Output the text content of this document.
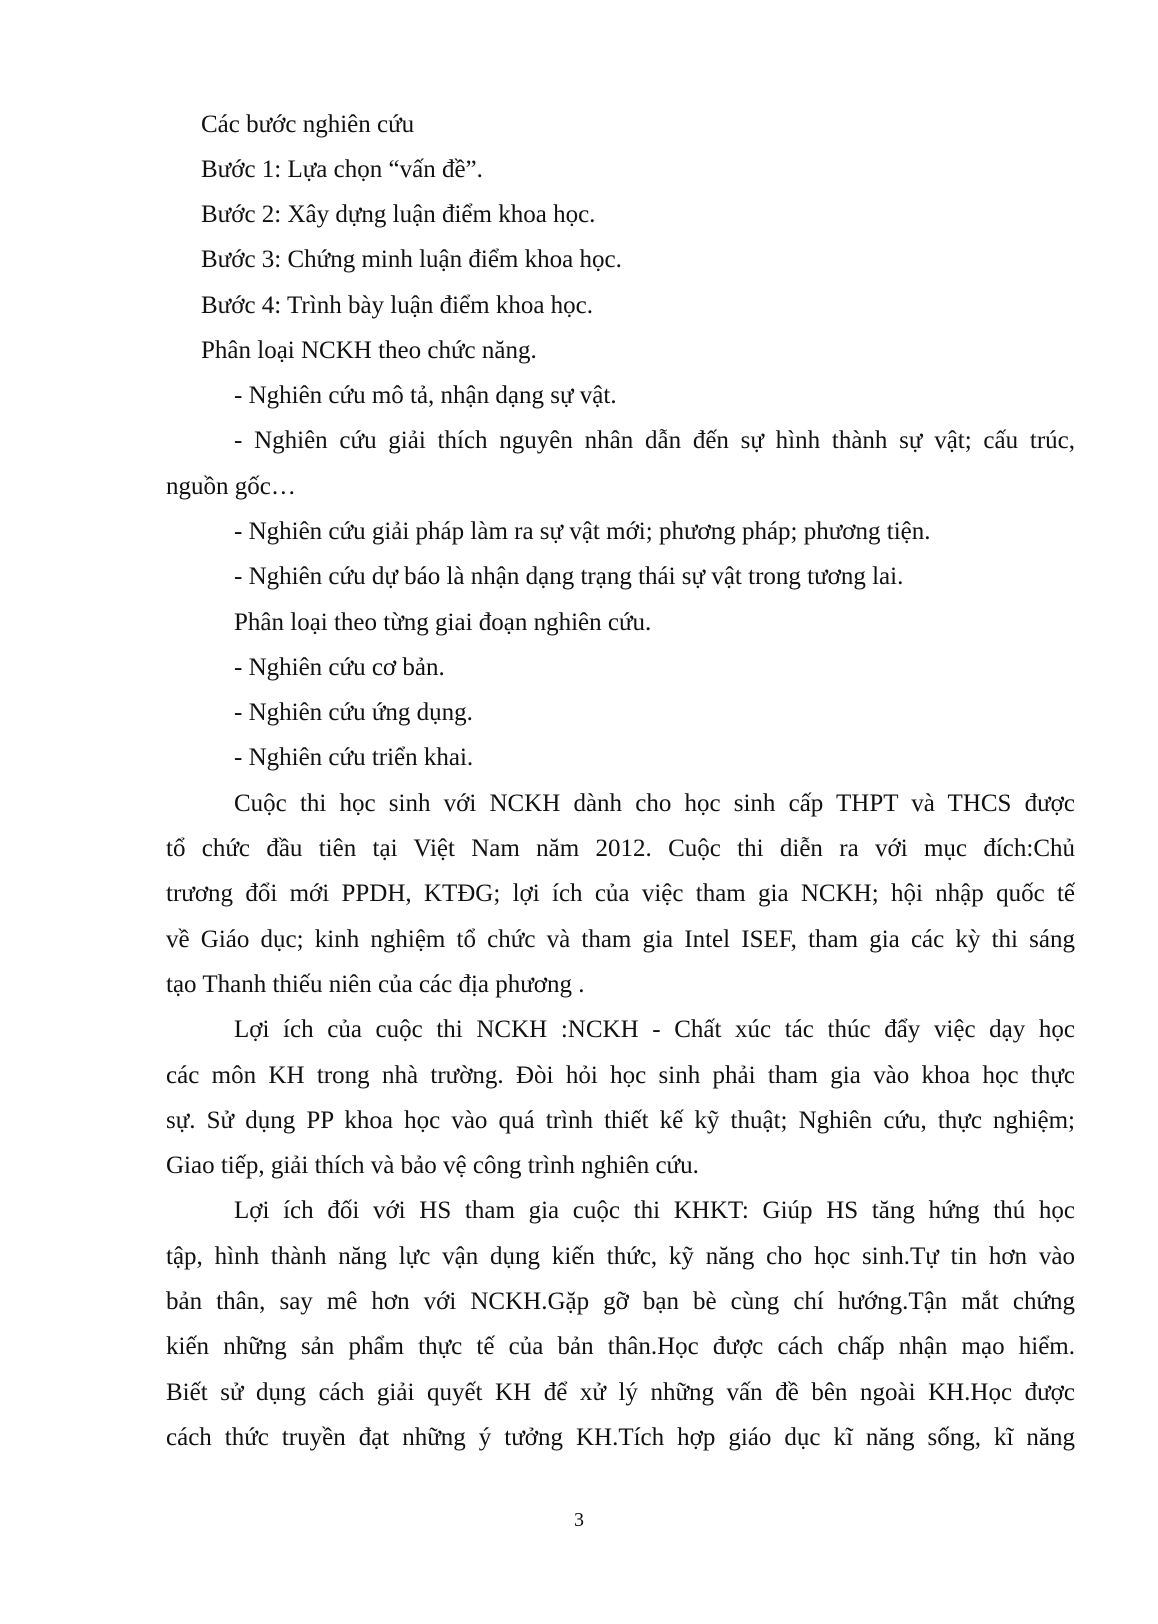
Các bước nghiên cứu

Bước 1: Lựa chọn “vấn đề”.

Bước 2: Xây dựng luận điểm khoa học.

Bước 3: Chứng minh luận điểm khoa học.

Bước 4: Trình bày luận điểm khoa học.

Phân loại NCKH theo chức năng.

- Nghiên cứu mô tả, nhận dạng sự vật.

- Nghiên cứu giải thích nguyên nhân dẫn đến sự hình thành sự vật; cấu trúc,

nguồn gốc…

- Nghiên cứu giải pháp làm ra sự vật mới; phương pháp; phương tiện.

- Nghiên cứu dự báo là nhận dạng trạng thái sự vật trong tương lai.

Phân loại theo từng giai đoạn nghiên cứu.

- Nghiên cứu cơ bản.

- Nghiên cứu ứng dụng.

- Nghiên cứu triển khai.

Cuộc thi học sinh với NCKH dành cho học sinh cấp THPT và THCS được

tổ chức đầu tiên tại Việt Nam năm 2012. Cuộc thi diễn ra với mục đích:Chủ

trương đổi mới PPDH, KTĐG; lợi ích của việc tham gia NCKH; hội nhập quốc tế

về Giáo dục; kinh nghiệm tổ chức và tham gia Intel ISEF, tham gia các kỳ thi sáng

tạo Thanh thiếu niên của các địa phương .

Lợi ích của cuộc thi NCKH :NCKH - Chất xúc tác thúc đẩy việc dạy học

các môn KH trong nhà trường. Đòi hỏi học sinh phải tham gia vào khoa học thực

sự. Sử dụng PP khoa học vào quá trình thiết kế kỹ thuật; Nghiên cứu, thực nghiệm;

Giao tiếp, giải thích và bảo vệ công trình nghiên cứu.

Lợi ích đối với HS tham gia cuộc thi KHKT: Giúp HS tăng hứng thú học

tập, hình thành năng lực vận dụng kiến thức, kỹ năng cho học sinh.Tự tin hơn vào

bản thân, say mê hơn với NCKH.Gặp gỡ bạn bè cùng chí hướng.Tận mắt chứng

kiến những sản phẩm thực tế của bản thân.Học được cách chấp nhận mạo hiểm.

Biết sử dụng cách giải quyết KH để xử lý những vấn đề bên ngoài KH.Học được

cách thức truyền đạt những ý tưởng KH.Tích hợp giáo dục kĩ năng sống, kĩ năng

3
